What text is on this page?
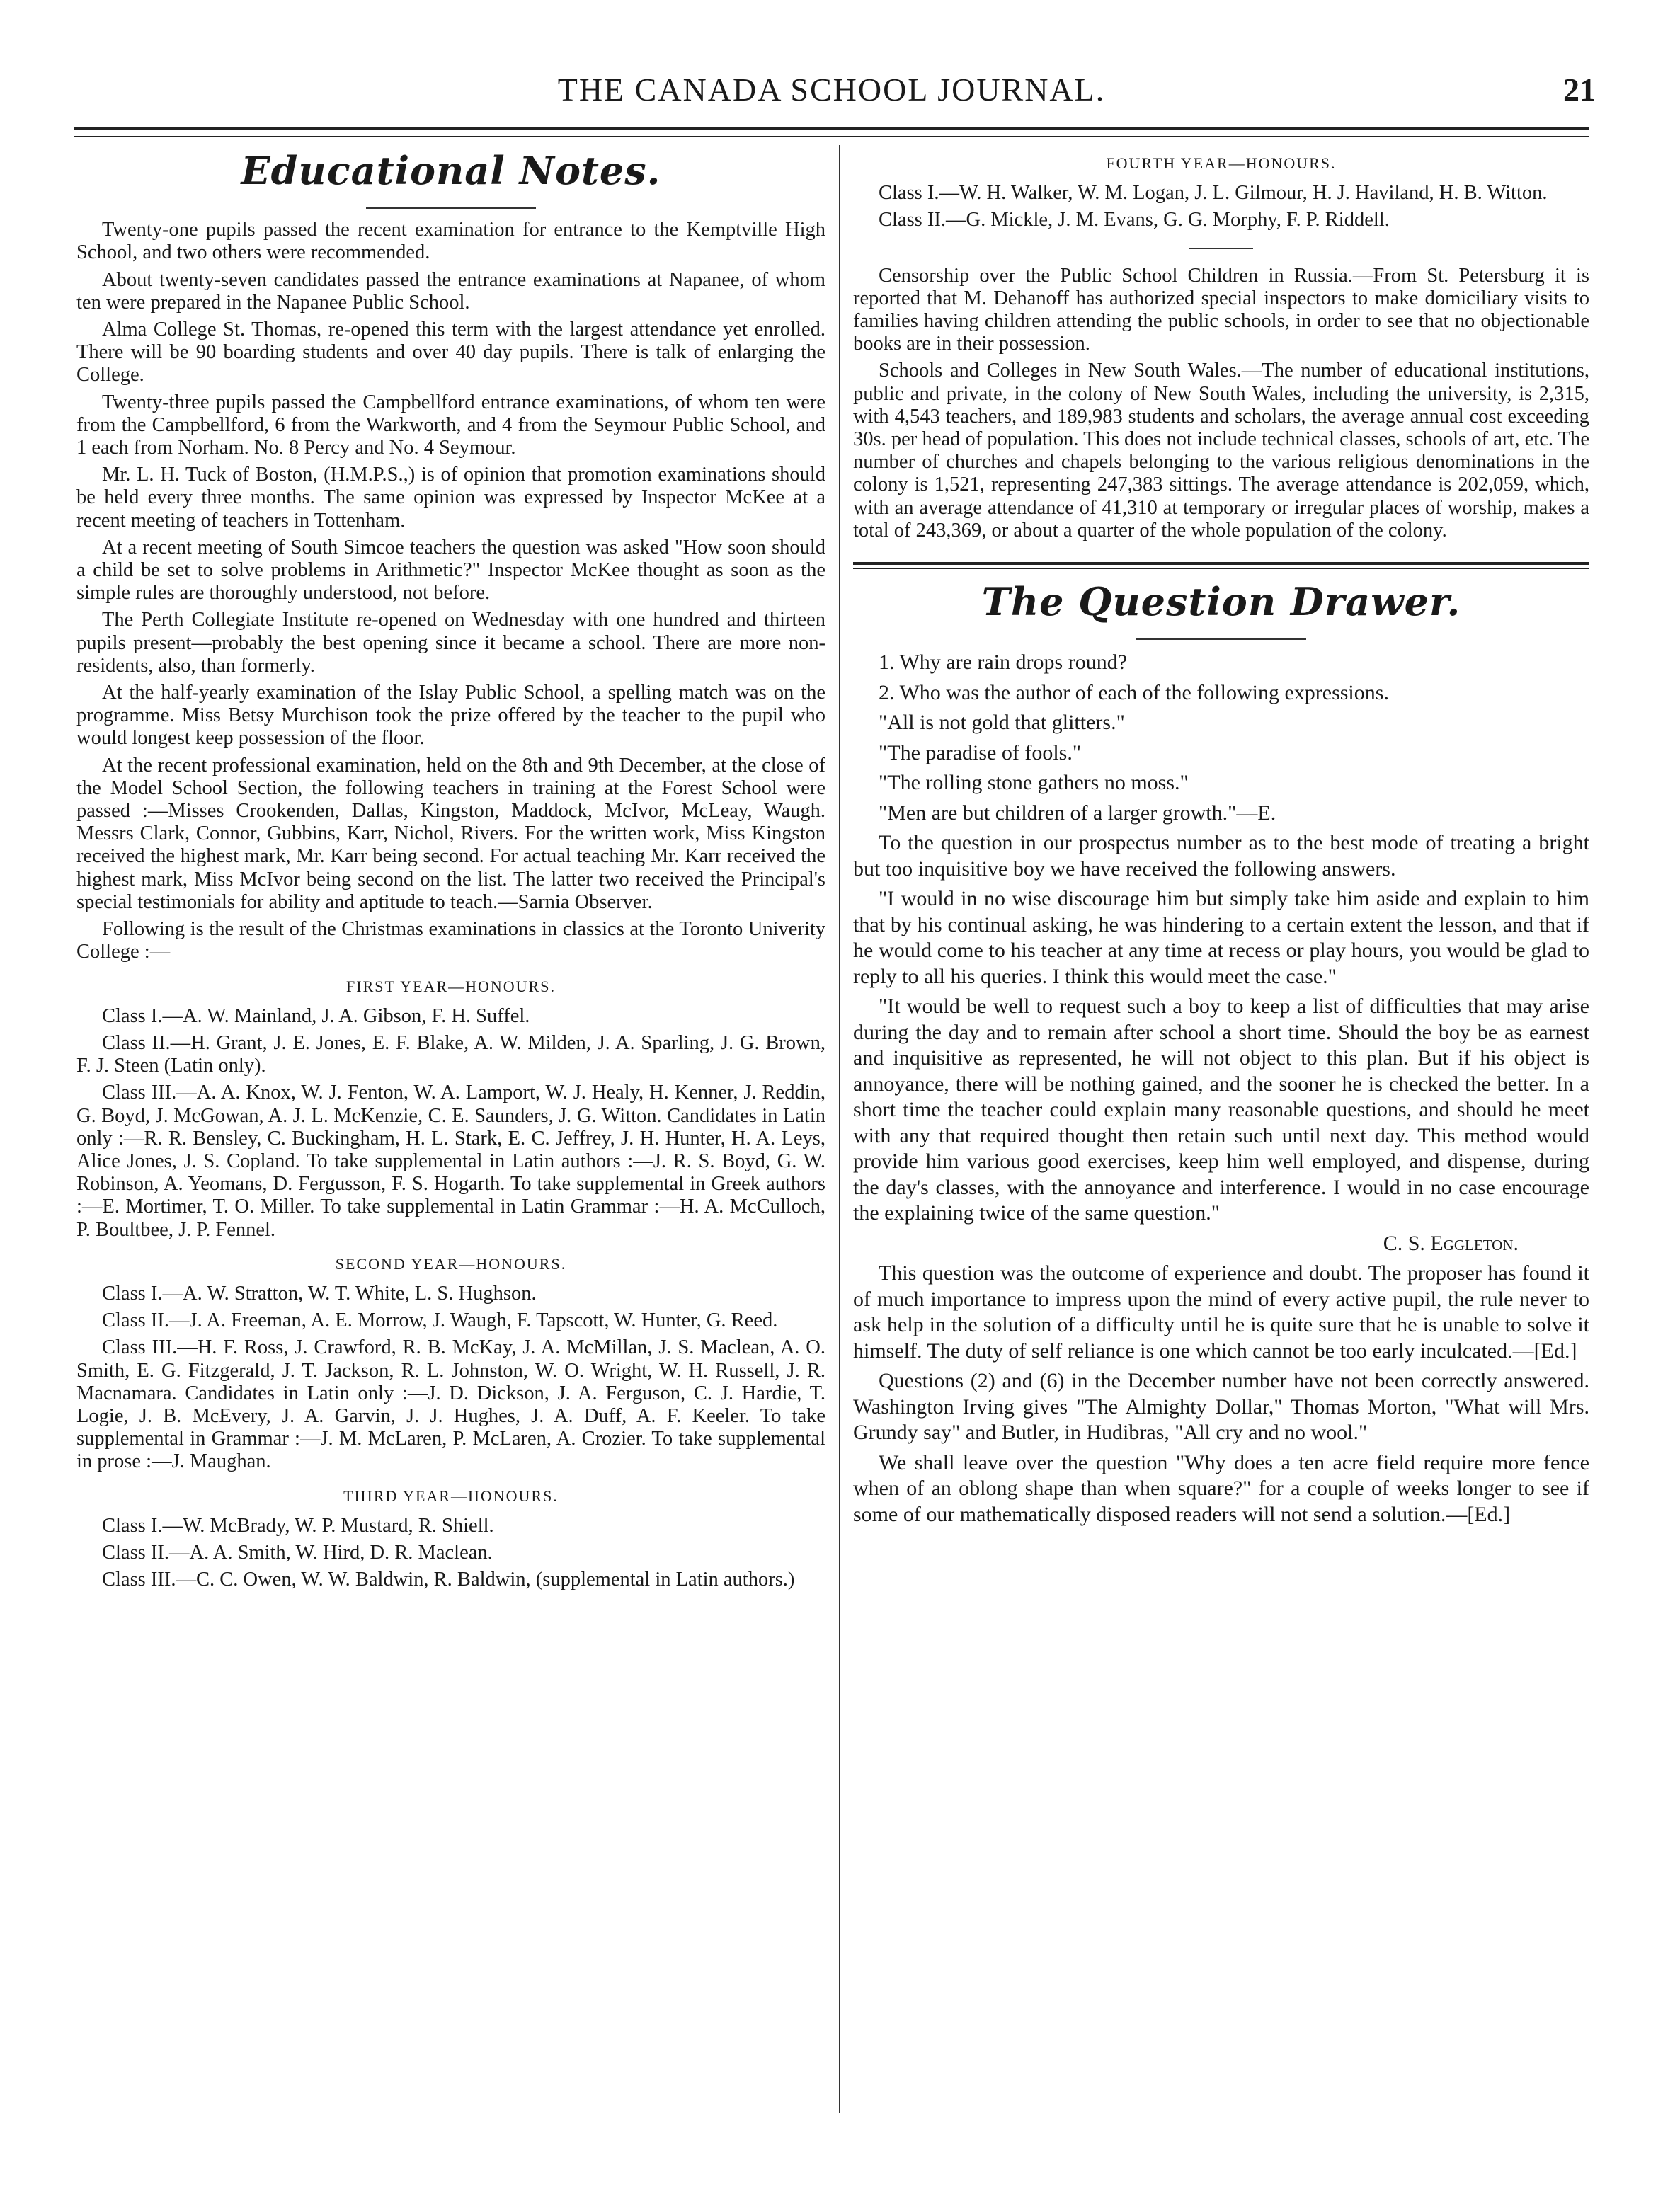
THE CANADA SCHOOL JOURNAL.	21
Educational Notes.

Twenty-one pupils passed the recent examination for entrance to the Kemptville High School, and two others were recommended.

About twenty-seven candidates passed the entrance examinations at Napanee, of whom ten were prepared in the Napanee Public School.

Alma College St. Thomas, re-opened this term with the largest attendance yet enrolled. There will be 90 boarding students and over 40 day pupils. There is talk of enlarging the College.

Twenty-three pupils passed the Campbellford entrance examinations, of whom ten were from the Campbellford, 6 from the Warkworth, and 4 from the Seymour Public School, and 1 each from Norham. No. 8 Percy and No. 4 Seymour.

Mr. L. H. Tuck of Boston, (H.M.P.S.,) is of opinion that promotion examinations should be held every three months. The same opinion was expressed by Inspector McKee at a recent meeting of teachers in Tottenham.

At a recent meeting of South Simcoe teachers the question was asked "How soon should a child be set to solve problems in Arithmetic?" Inspector McKee thought as soon as the simple rules are thoroughly understood, not before.

The Perth Collegiate Institute re-opened on Wednesday with one hundred and thirteen pupils present—probably the best opening since it became a school. There are more non-residents, also, than formerly.

At the half-yearly examination of the Islay Public School, a spelling match was on the programme. Miss Betsy Murchison took the prize offered by the teacher to the pupil who would longest keep possession of the floor.

At the recent professional examination, held on the 8th and 9th December, at the close of the Model School Section, the following teachers in training at the Forest School were passed :—Misses Crookenden, Dallas, Kingston, Maddock, McIvor, McLeay, Waugh. Messrs Clark, Connor, Gubbins, Karr, Nichol, Rivers. For the written work, Miss Kingston received the highest mark, Mr. Karr being second. For actual teaching Mr. Karr received the highest mark, Miss McIvor being second on the list. The latter two received the Principal's special testimonials for ability and aptitude to teach.—Sarnia Observer.

Following is the result of the Christmas examinations in classics at the Toronto Univerity College :—

FIRST YEAR—HONOURS.

Class I.—A. W. Mainland, J. A. Gibson, F. H. Suffel.

Class II.—H. Grant, J. E. Jones, E. F. Blake, A. W. Milden, J. A. Sparling, J. G. Brown, F. J. Steen (Latin only).

Class III.—A. A. Knox, W. J. Fenton, W. A. Lamport, W. J. Healy, H. Kenner, J. Reddin, G. Boyd, J. McGowan, A. J. L. McKenzie, C. E. Saunders, J. G. Witton. Candidates in Latin only :—R. R. Bensley, C. Buckingham, H. L. Stark, E. C. Jeffrey, J. H. Hunter, H. A. Leys, Alice Jones, J. S. Copland. To take supplemental in Latin authors :—J. R. S. Boyd, G. W. Robinson, A. Yeomans, D. Fergusson, F. S. Hogarth. To take supplemental in Greek authors :—E. Mortimer, T. O. Miller. To take supplemental in Latin Grammar :—H. A. McCulloch, P. Boultbee, J. P. Fennel.

SECOND YEAR—HONOURS.

Class I.—A. W. Stratton, W. T. White, L. S. Hughson.

Class II.—J. A. Freeman, A. E. Morrow, J. Waugh, F. Tapscott, W. Hunter, G. Reed.

Class III.—H. F. Ross, J. Crawford, R. B. McKay, J. A. McMillan, J. S. Maclean, A. O. Smith, E. G. Fitzgerald, J. T. Jackson, R. L. Johnston, W. O. Wright, W. H. Russell, J. R. Macnamara. Candidates in Latin only :—J. D. Dickson, J. A. Ferguson, C. J. Hardie, T. Logie, J. B. McEvery, J. A. Garvin, J. J. Hughes, J. A. Duff, A. F. Keeler. To take supplemental in Grammar :—J. M. McLaren, P. McLaren, A. Crozier. To take supplemental in prose :—J. Maughan.

THIRD YEAR—HONOURS.

Class I.—W. McBrady, W. P. Mustard, R. Shiell.

Class II.—A. A. Smith, W. Hird, D. R. Maclean.

Class III.—C. C. Owen, W. W. Baldwin, R. Baldwin, (supplemental in Latin authors.)

FOURTH YEAR—HONOURS.

Class I.—W. H. Walker, W. M. Logan, J. L. Gilmour, H. J. Haviland, H. B. Witton.

Class II.—G. Mickle, J. M. Evans, G. G. Morphy, F. P. Riddell.

Censorship over the Public School Children in Russia.—From St. Petersburg it is reported that M. Dehanoff has authorized special inspectors to make domiciliary visits to families having children attending the public schools, in order to see that no objectionable books are in their possession.

Schools and Colleges in New South Wales.—The number of educational institutions, public and private, in the colony of New South Wales, including the university, is 2,315, with 4,543 teachers, and 189,983 students and scholars, the average annual cost exceeding 30s. per head of population. This does not include technical classes, schools of art, etc. The number of churches and chapels belonging to the various religious denominations in the colony is 1,521, representing 247,383 sittings. The average attendance is 202,059, which, with an average attendance of 41,310 at temporary or irregular places of worship, makes a total of 243,369, or about a quarter of the whole population of the colony.

The Question Drawer.

1. Why are rain drops round?

2. Who was the author of each of the following expressions.

"All is not gold that glitters."

"The paradise of fools."

"The rolling stone gathers no moss."

"Men are but children of a larger growth."—E.

To the question in our prospectus number as to the best mode of treating a bright but too inquisitive boy we have received the following answers.

"I would in no wise discourage him but simply take him aside and explain to him that by his continual asking, he was hindering to a certain extent the lesson, and that if he would come to his teacher at any time at recess or play hours, you would be glad to reply to all his queries. I think this would meet the case."

"It would be well to request such a boy to keep a list of difficulties that may arise during the day and to remain after school a short time. Should the boy be as earnest and inquisitive as represented, he will not object to this plan. But if his object is annoyance, there will be nothing gained, and the sooner he is checked the better. In a short time the teacher could explain many reasonable questions, and should he meet with any that required thought then retain such until next day. This method would provide him various good exercises, keep him well employed, and dispense, during the day's classes, with the annoyance and interference. I would in no case encourage the explaining twice of the same question."

C. S. Eggleton.

This question was the outcome of experience and doubt. The proposer has found it of much importance to impress upon the mind of every active pupil, the rule never to ask help in the solution of a difficulty until he is quite sure that he is unable to solve it himself. The duty of self reliance is one which cannot be too early inculcated.—[Ed.]

Questions (2) and (6) in the December number have not been correctly answered. Washington Irving gives "The Almighty Dollar," Thomas Morton, "What will Mrs. Grundy say" and Butler, in Hudibras, "All cry and no wool."

We shall leave over the question "Why does a ten acre field require more fence when of an oblong shape than when square?" for a couple of weeks longer to see if some of our mathematically disposed readers will not send a solution.—[Ed.]
